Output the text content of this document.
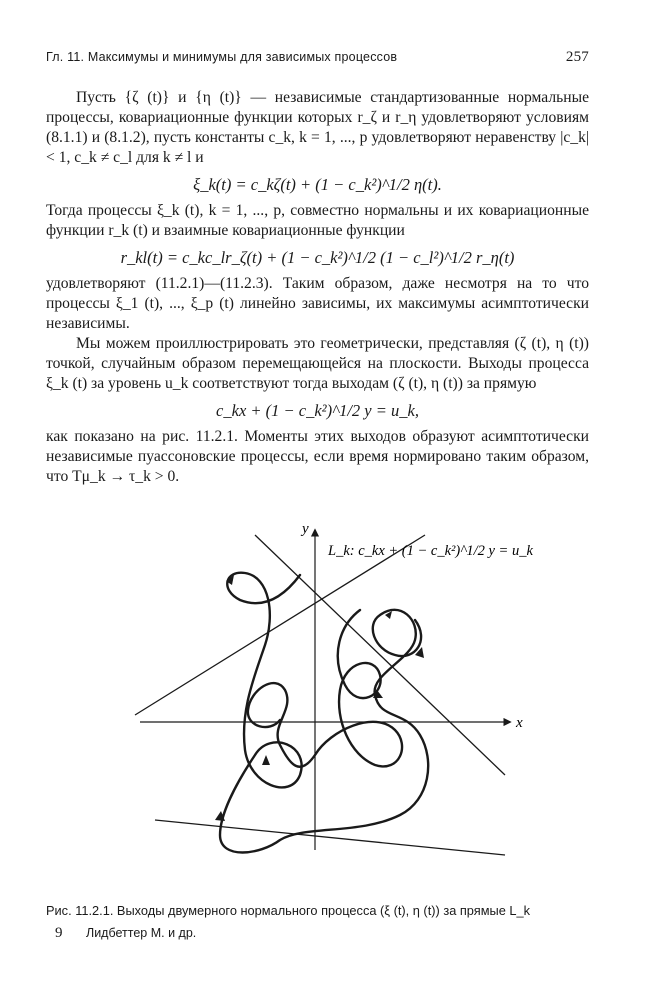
Гл. 11. Максимумы и минимумы для зависимых процессов	257

Пусть {ζ (t)} и {η (t)} — независимые стандартизованные нормальные процессы, ковариационные функции которых r_ζ и r_η удовлетворяют условиям (8.1.1) и (8.1.2), пусть константы c_k, k = 1, ..., p удовлетворяют неравенству |c_k| < 1, c_k ≠ c_l для k ≠ l и

ξ_k(t) = c_kζ(t) + (1 − c_k²)^1/2 η(t).

Тогда процессы ξ_k (t), k = 1, ..., p, совместно нормальны и их ковариационные функции r_k (t) и взаимные ковариационные функции

r_kl(t) = c_kc_lr_ζ(t) + (1 − c_k²)^1/2 (1 − c_l²)^1/2 r_η(t)

удовлетворяют (11.2.1)—(11.2.3). Таким образом, даже несмотря на то что процессы ξ_1 (t), ..., ξ_p (t) линейно зависимы, их максимумы асимптотически независимы.

Мы можем проиллюстрировать это геометрически, представляя (ζ (t), η (t)) точкой, случайным образом перемещающейся на плоскости. Выходы процесса ξ_k (t) за уровень u_k соответствуют тогда выходам (ζ (t), η (t)) за прямую

c_kx + (1 − c_k²)^1/2 y = u_k,

как показано на рис. 11.2.1. Моменты этих выходов образуют асимптотически независимые пуассоновские процессы, если время нормировано таким образом, что Tμ_k → τ_k > 0.

y
x
L_k: c_kx + (1 − c_k²)^1/2 y = u_k
Рис. 11.2.1. Выходы двумерного нормального процесса (ξ (t), η (t)) за прямые L_k
9 Лидбеттер М. и др.
